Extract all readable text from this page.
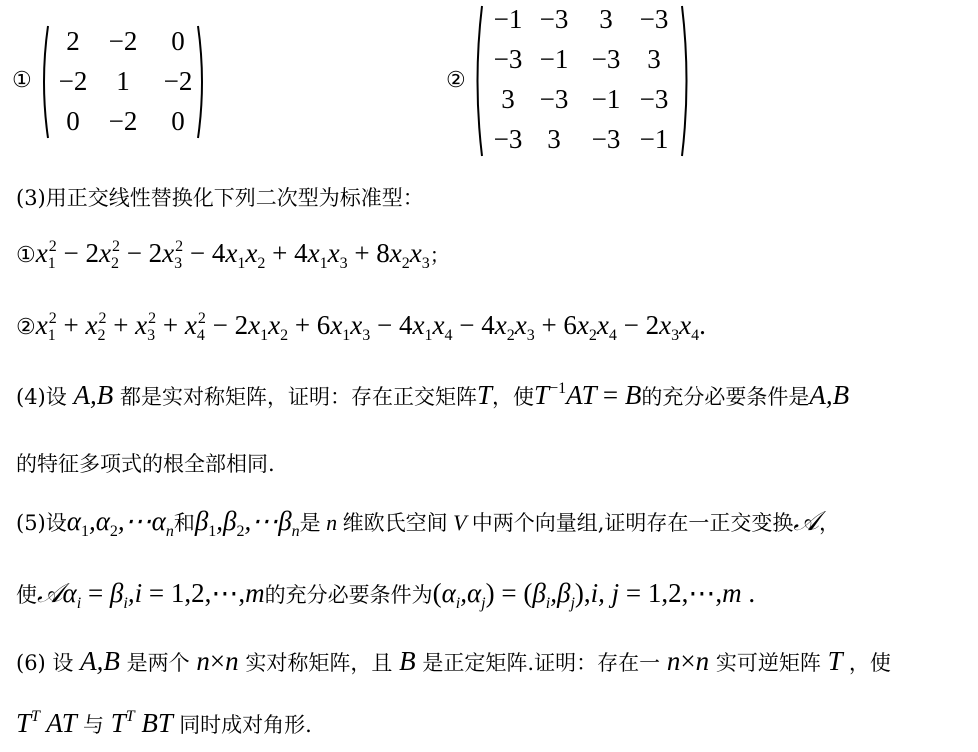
①
2	−2	0
−2	1	−2
0	−2	0
②
−1 −3	3 −3
−3 −1 −3 3
3 −3 −1 −3
−3 3	−3 −1
(3)用正交线性替换化下列二次型为标准型：
$①x_1^2 - 2x_2^2 - 2x_3^2 - 4x_1x_2 + 4x_1x_3 + 8x_2x_3$；
$②x_1^2 + x_2^2 + x_3^2 + x_4^2 - 2x_1x_2 + 6x_1x_3 - 4x_1x_4 - 4x_2x_3 + 6x_2x_4 - 2x_3x_4$.
(4)设 A,B 都是实对称矩阵，证明：存在正交矩阵T，使$T^{-1}AT = B$的充分必要条件是A,B
的特征多项式的根全部相同.
(5)设$\alpha_1,\alpha_2,\cdots\alpha_n$和$\beta_1,\beta_2,\cdots\beta_n$是 n 维欧氏空间 V 中两个向量组,证明存在一正交变换𝒜，
使𝒜α$_i$ = $\beta_i,i$ = 1,2,⋯,m的充分必要条件为$(\alpha_i,\alpha_j) = (\beta_i,\beta_j),i$, j = 1,2,⋯,m .
(6) 设 A,B 是两个 n×n 实对称矩阵，且 B 是正定矩阵.证明：存在一 n×n 实可逆矩阵 T ，使
$T^T$ AT 与 $T^T$ BT 同时成对角形.
